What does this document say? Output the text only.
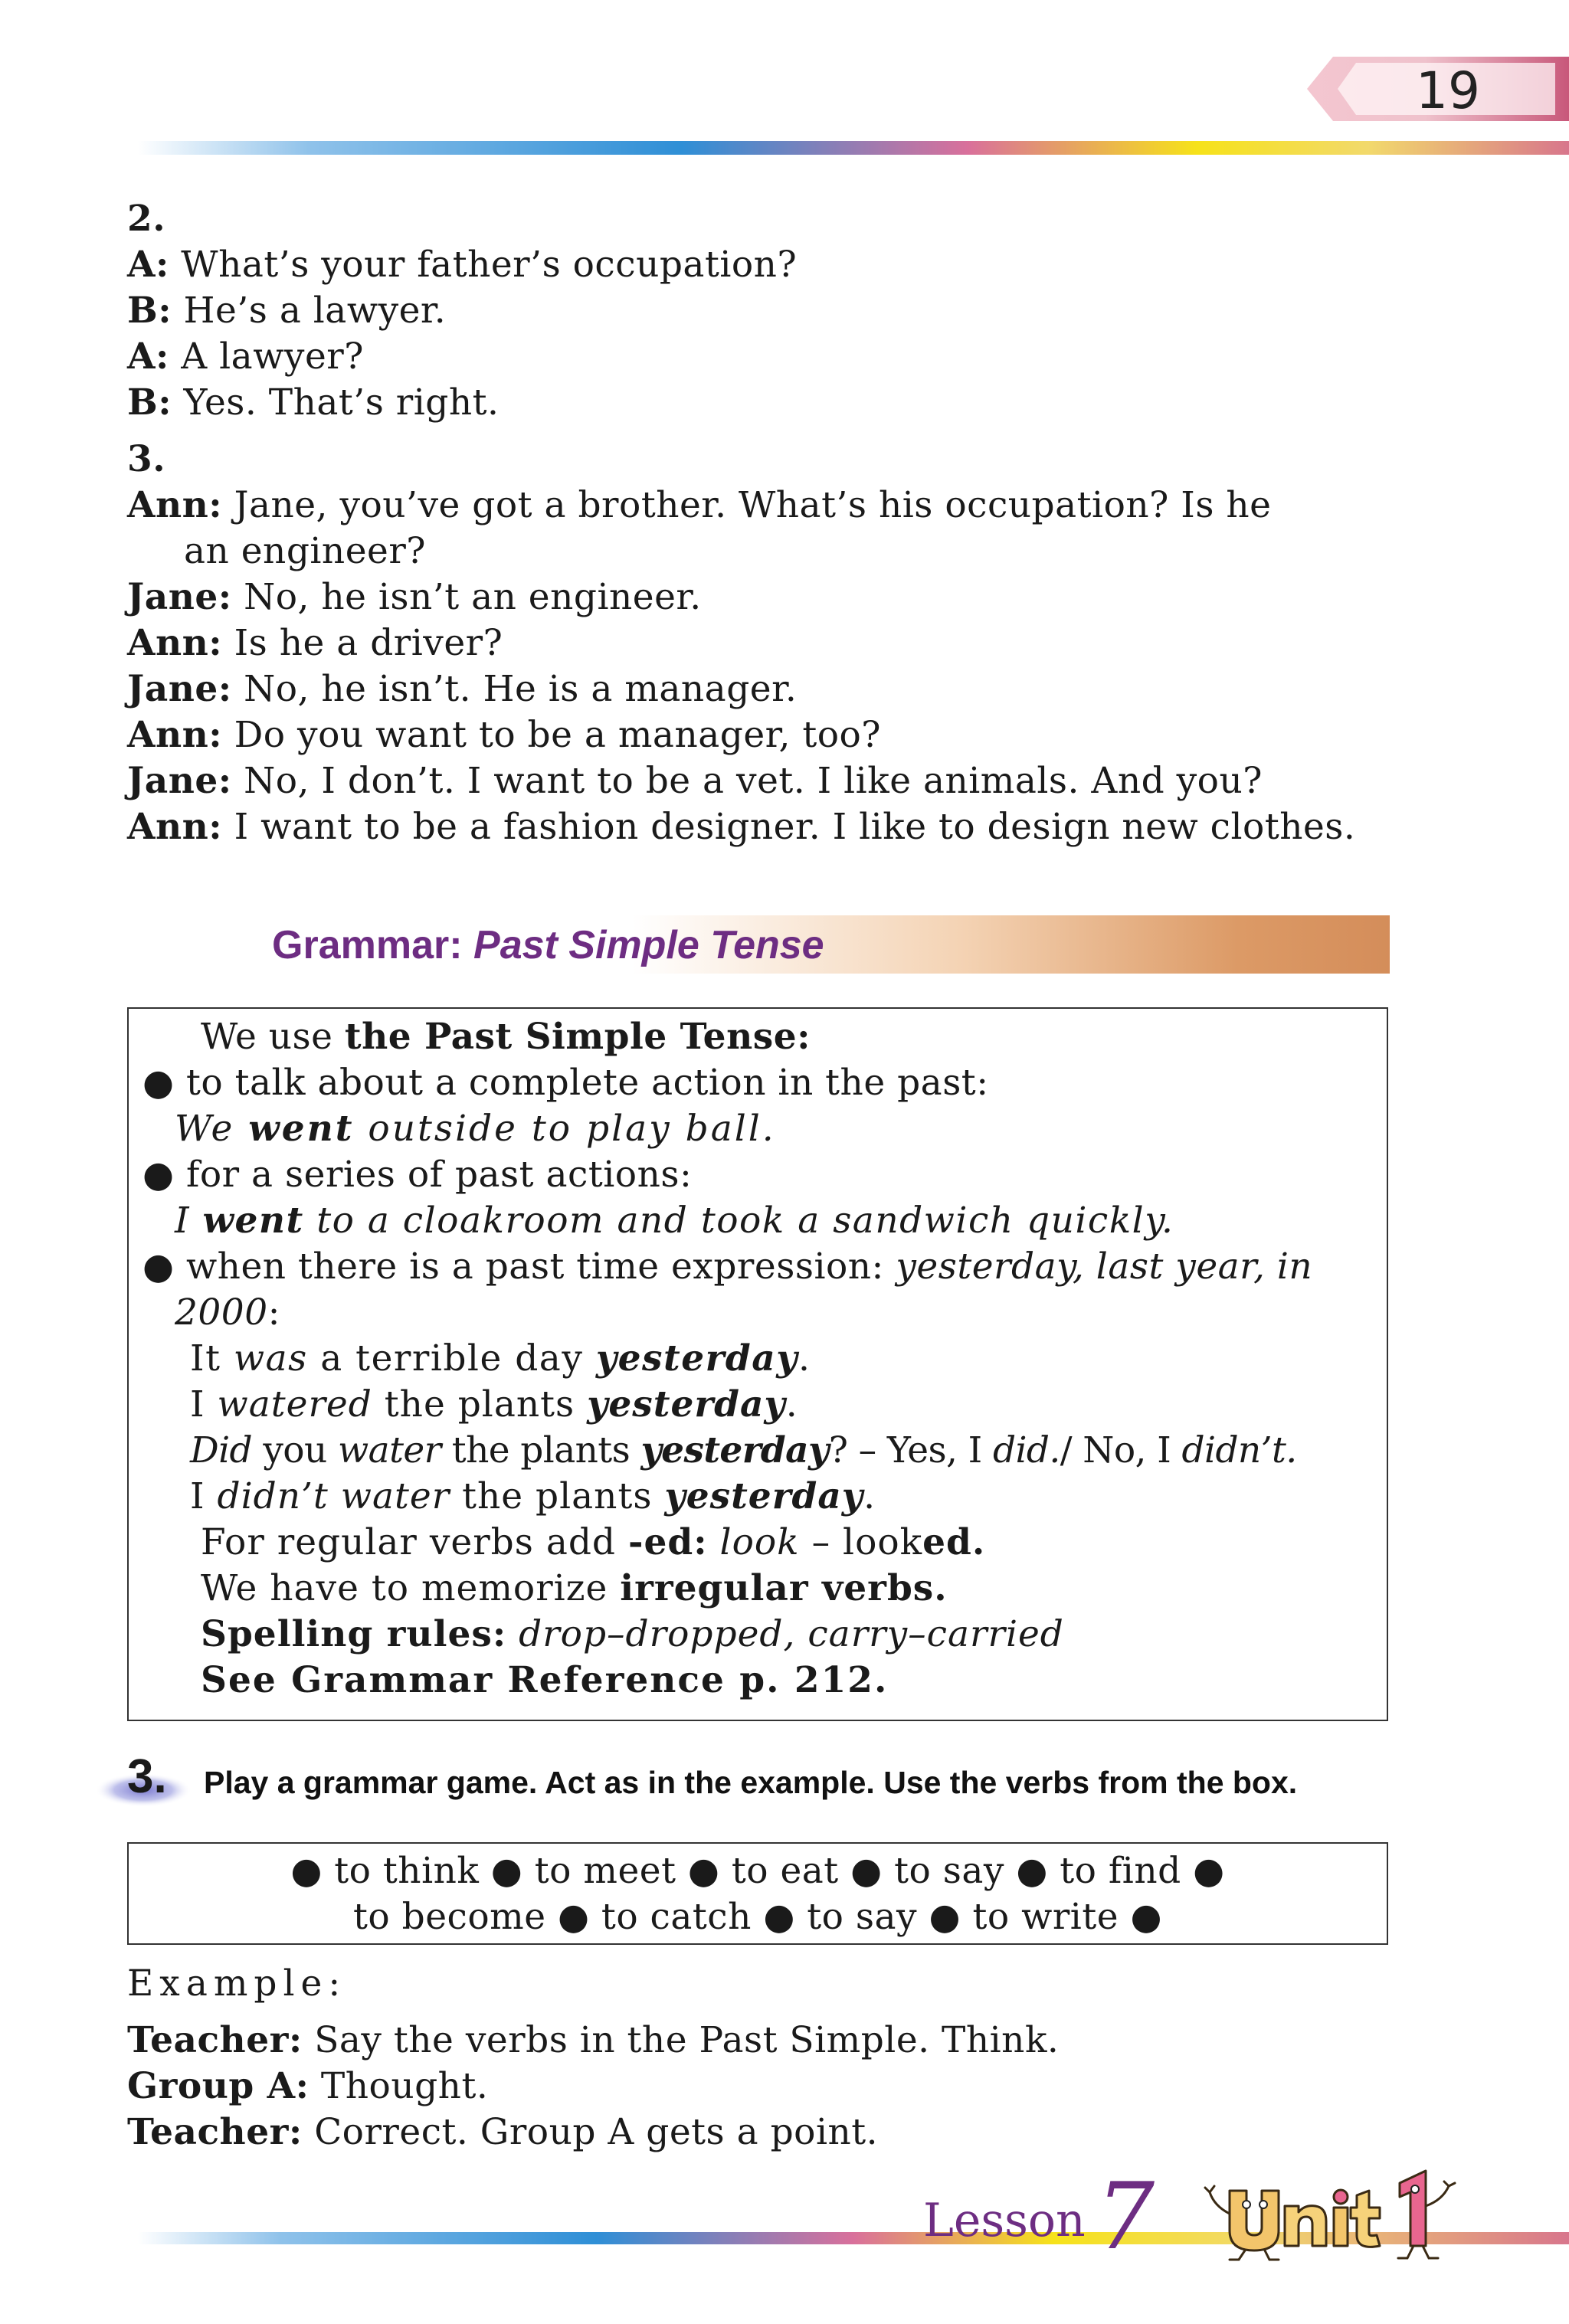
19
2.
A: What’s your father’s occupation?
B: He’s a lawyer.
A: A lawyer?
B: Yes. That’s right.
3.
Ann: Jane, you’ve got a brother. What’s his occupation? Is he
an engineer?
Jane: No, he isn’t an engineer.
Ann: Is he a driver?
Jane: No, he isn’t. He is a manager.
Ann: Do you want to be a manager, too?
Jane: No, I don’t. I want to be a vet. I like animals. And you?
Ann: I want to be a fashion designer. I like to design new clothes.
Grammar: Past Simple Tense
We use the Past Simple Tense:
● to talk about a complete action in the past:
We went outside to play ball.
● for a series of past actions:
I went to a cloakroom and took a sandwich quickly.
● when there is a past time expression: yesterday, last year, in
2000:
It was a terrible day yesterday.
I watered the plants yesterday.
Did you water the plants yesterday? – Yes, I did./ No, I didn’t.
I didn’t water the plants yesterday.
For regular verbs add -ed: look – looked.
We have to memorize irregular verbs.
Spelling rules: drop–dropped, carry–carried
See Grammar Reference p. 212.
3. Play a grammar game. Act as in the example. Use the verbs from the box.
● to think ● to meet ● to eat ● to say ● to find ●
to become ● to catch ● to say ● to write ●
Example:
Teacher: Say the verbs in the Past Simple. Think.
Group A: Thought.
Teacher: Correct. Group A gets a point.
Lesson 7
